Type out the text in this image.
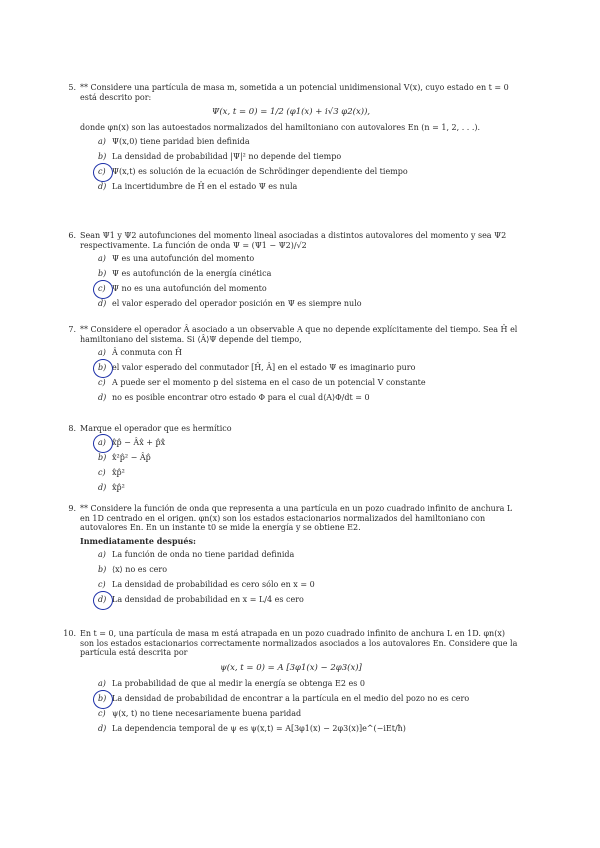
5. ** Considere una partícula de masa m, sometida a un potencial unidimensional V(x), cuyo estado en t = 0 está descrito por:
Ψ(x, t = 0) = 1/2 (φ1(x) + i√3 φ2(x)),
donde φn(x) son las autoestados normalizados del hamiltoniano con autovalores En (n = 1, 2, . . .).
a) Ψ(x,0) tiene paridad bien definida
b) La densidad de probabilidad |Ψ|² no depende del tiempo
c) Ψ(x,t) es solución de la ecuación de Schrödinger dependiente del tiempo
d) La incertidumbre de Ĥ en el estado Ψ es nula
6. Sean Ψ1 y Ψ2 autofunciones del momento lineal asociadas a distintos autovalores del momento y sea Ψ2 respectivamente. La función de onda Ψ = (Ψ1 − Ψ2)/√2
a) Ψ es una autofunción del momento
b) Ψ es autofunción de la energía cinética
c) Ψ no es una autofunción del momento
d) el valor esperado del operador posición en Ψ es siempre nulo
7. ** Considere el operador Â asociado a un observable A que no depende explícitamente del tiempo. Sea Ĥ el hamiltoniano del sistema. Si ⟨Â⟩Ψ depende del tiempo,
a) Â conmuta con Ĥ
b) el valor esperado del conmutador [Ĥ, Â] en el estado Ψ es imaginario puro
c) A puede ser el momento p del sistema en el caso de un potencial V constante
d) no es posible encontrar otro estado Φ para el cual d⟨A⟩Φ/dt = 0
8. Marque el operador que es hermítico
a) x̂p̂ − Âx̂ + p̂x̂
b) x̂²p̂² − Âp̂
c) x̂p̂²
d) x̂p̂²
9. ** Considere la función de onda que representa a una partícula en un pozo cuadrado infinito de anchura L en 1D centrado en el origen. φn(x) son los estados estacionarios normalizados del hamiltoniano con autovalores En. En un instante t0 se mide la energía y se obtiene E2.
Inmediatamente después:
a) La función de onda no tiene paridad definida
b) ⟨x⟩ no es cero
c) La densidad de probabilidad es cero sólo en x = 0
d) La densidad de probabilidad en x = L/4 es cero
10. En t = 0, una partícula de masa m está atrapada en un pozo cuadrado infinito de anchura L en 1D. φn(x) son los estados estacionarios correctamente normalizados asociados a los autovalores En. Considere que la partícula está descrita por
ψ(x, t = 0) = A [3φ1(x) − 2φ3(x)]
a) La probabilidad de que al medir la energía se obtenga E2 es 0
b) La densidad de probabilidad de encontrar a la partícula en el medio del pozo no es cero
c) ψ(x, t) no tiene necesariamente buena paridad
d) La dependencia temporal de ψ es ψ(x,t) = A[3φ1(x) − 2φ3(x)]e^(−iEt/ħ)
